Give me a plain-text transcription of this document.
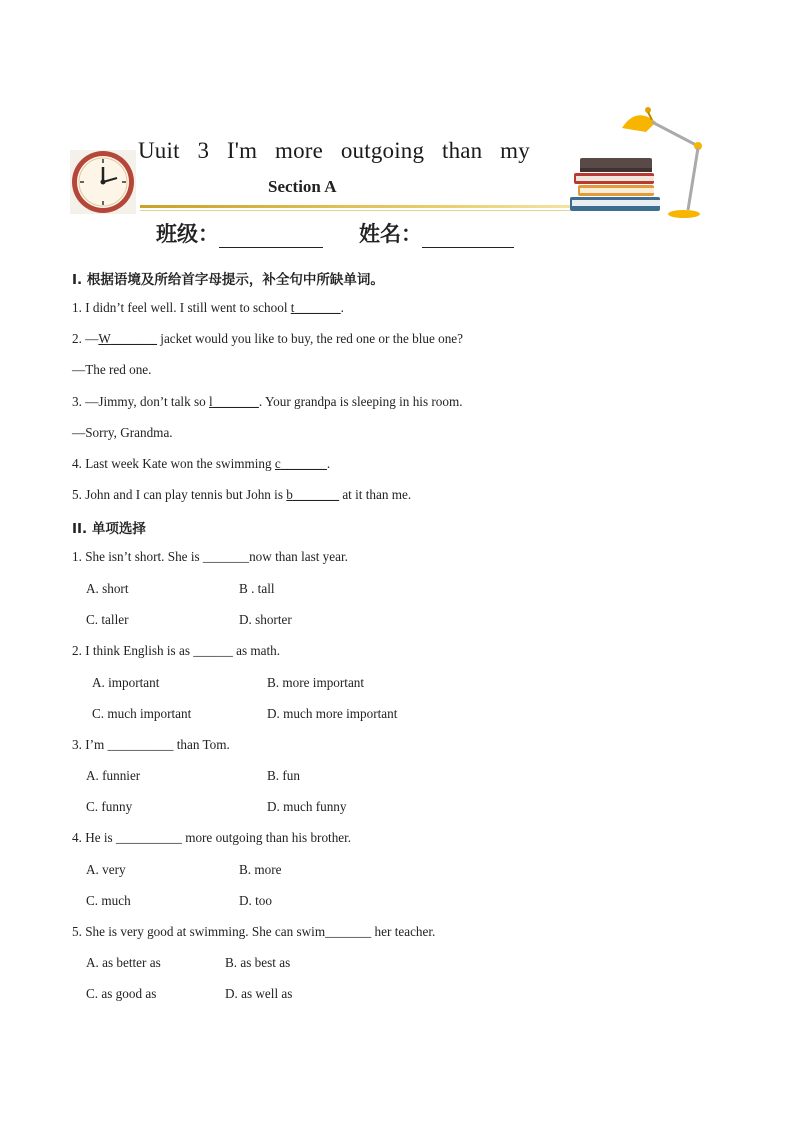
Uuit 3 I'm more outgoing than my
Section A
班级：	姓名：
Ⅰ. 根据语境及所给首字母提示，补全句中所缺单词。
1. I didn’t feel well. I still went to school t_______.
2. —W_______ jacket would you like to buy, the red one or the blue one?
—The red one.
3. —Jimmy, don’t talk so l_______. Your grandpa is sleeping in his room.
—Sorry, Grandma.
4. Last week Kate won the swimming c_______.
5. John and I can play tennis but John is b_______ at it than me.
II. 单项选择
1. She isn’t short. She is _______now than last year.
A. short	B . tall
C. taller	D. shorter
2. I think English is as ______ as math.
A. important	B. more important
C. much important	D. much more important
3. I’m __________ than Tom.
A. funnier	B. fun
C. funny	D. much funny
4. He is __________ more outgoing than his brother.
A. very	B. more
C. much	D. too
5. She is very good at swimming. She can swim_______ her teacher.
A. as better as	B. as best as
C. as good as	D. as well as
